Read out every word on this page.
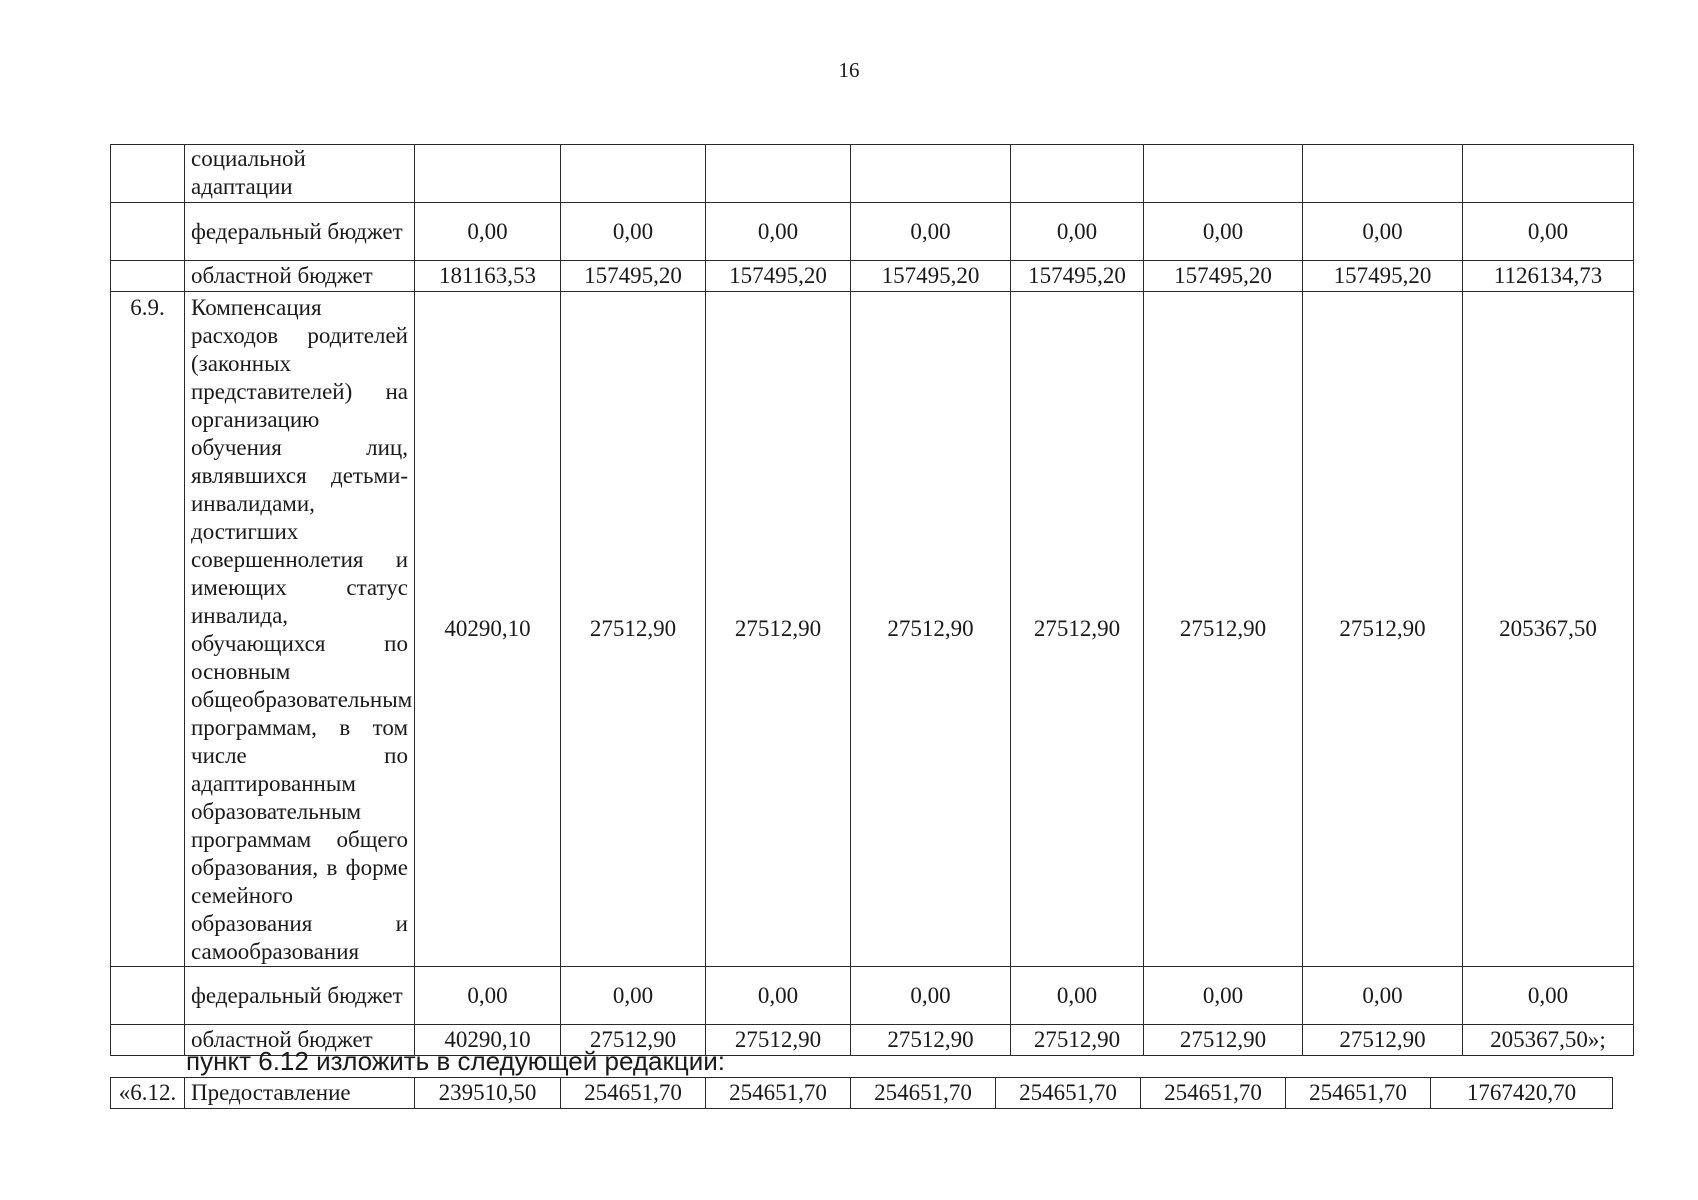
16
	социальной адаптации								
	федеральный бюджет	0,00	0,00	0,00	0,00	0,00	0,00	0,00	0,00
	областной бюджет	181163,53	157495,20	157495,20	157495,20	157495,20	157495,20	157495,20	1126134,73
6.9.	Компенсация расходов родителей (законных представителей) на организацию обучения лиц, являвшихся детьми-инвалидами, достигших совершеннолетия и имеющих статус инвалида, обучающихся по основным общеобразовательным программам, в том числе по адаптированным образовательным программам общего образования, в форме семейного образования и самообразования	40290,10	27512,90	27512,90	27512,90	27512,90	27512,90	27512,90	205367,50
	федеральный бюджет	0,00	0,00	0,00	0,00	0,00	0,00	0,00	0,00
	областной бюджет	40290,10	27512,90	27512,90	27512,90	27512,90	27512,90	27512,90	205367,50»;
пункт 6.12 изложить в следующей редакции:
«6.12.	Предоставление	239510,50	254651,70	254651,70	254651,70	254651,70	254651,70	254651,70	1767420,70
